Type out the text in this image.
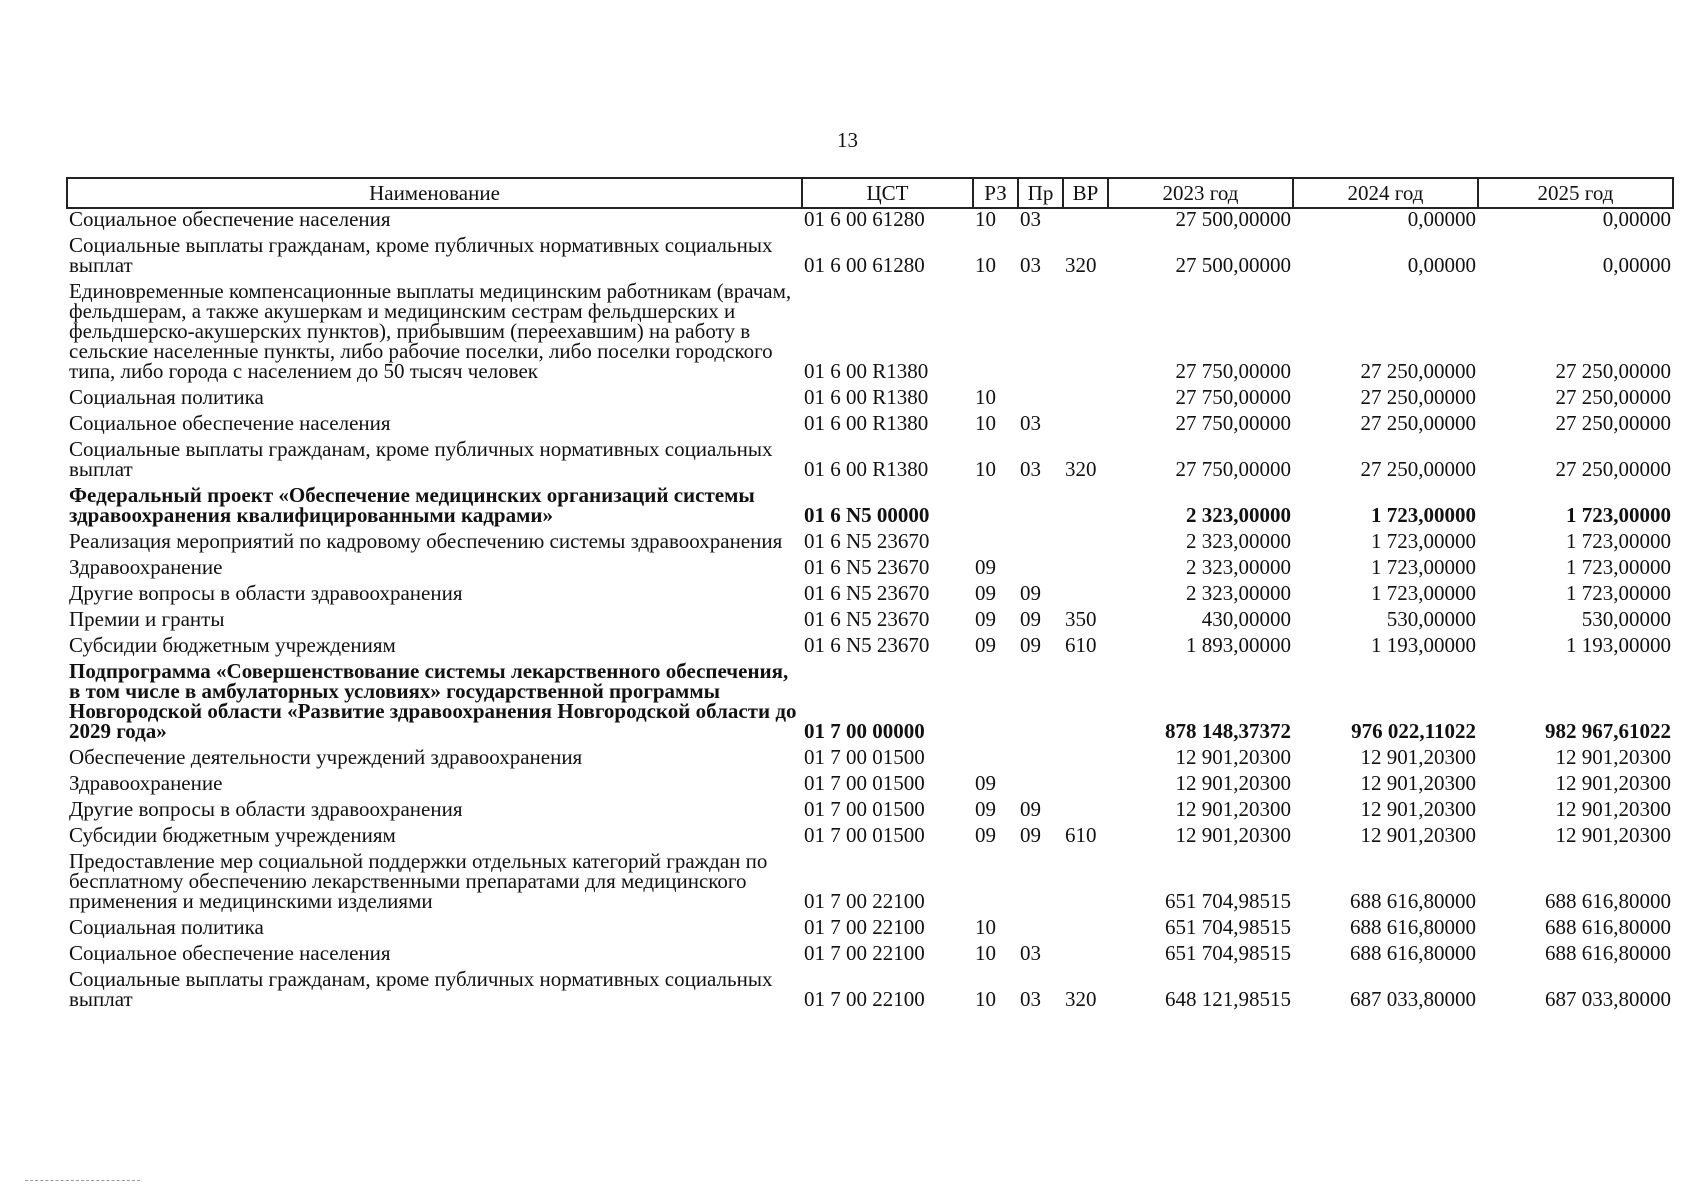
13
Наименование	ЦСТ	РЗ	Пр	ВР	2023 год	2024 год	2025 год
Социальное обеспечение населения	01 6 00 61280	10	03		27 500,00000	0,00000	0,00000
Социальные выплаты гражданам, кроме публичных нормативных социальных выплат	01 6 00 61280	10	03	320	27 500,00000	0,00000	0,00000
Единовременные компенсационные выплаты медицинским работникам (врачам, фельдшерам, а также акушеркам и медицинским сестрам фельдшерских и фельдшерско-акушерских пунктов), прибывшим (переехавшим) на работу в сельские населенные пункты, либо рабочие поселки, либо поселки городского типа, либо города с населением до 50 тысяч человек	01 6 00 R1380				27 750,00000	27 250,00000	27 250,00000
Социальная политика	01 6 00 R1380	10			27 750,00000	27 250,00000	27 250,00000
Социальное обеспечение населения	01 6 00 R1380	10	03		27 750,00000	27 250,00000	27 250,00000
Социальные выплаты гражданам, кроме публичных нормативных социальных выплат	01 6 00 R1380	10	03	320	27 750,00000	27 250,00000	27 250,00000
Федеральный проект «Обеспечение медицинских организаций системы здравоохранения квалифицированными кадрами»	01 6 N5 00000				2 323,00000	1 723,00000	1 723,00000
Реализация мероприятий по кадровому обеспечению системы здравоохранения	01 6 N5 23670				2 323,00000	1 723,00000	1 723,00000
Здравоохранение	01 6 N5 23670	09			2 323,00000	1 723,00000	1 723,00000
Другие вопросы в области здравоохранения	01 6 N5 23670	09	09		2 323,00000	1 723,00000	1 723,00000
Премии и гранты	01 6 N5 23670	09	09	350	430,00000	530,00000	530,00000
Субсидии бюджетным учреждениям	01 6 N5 23670	09	09	610	1 893,00000	1 193,00000	1 193,00000
Подпрограмма «Совершенствование системы лекарственного обеспечения, в том числе в амбулаторных условиях» государственной программы Новгородской области «Развитие здравоохранения Новгородской области до 2029 года»	01 7 00 00000				878 148,37372	976 022,11022	982 967,61022
Обеспечение деятельности учреждений здравоохранения	01 7 00 01500				12 901,20300	12 901,20300	12 901,20300
Здравоохранение	01 7 00 01500	09			12 901,20300	12 901,20300	12 901,20300
Другие вопросы в области здравоохранения	01 7 00 01500	09	09		12 901,20300	12 901,20300	12 901,20300
Субсидии бюджетным учреждениям	01 7 00 01500	09	09	610	12 901,20300	12 901,20300	12 901,20300
Предоставление мер социальной поддержки отдельных категорий граждан по бесплатному обеспечению лекарственными препаратами для медицинского применения и медицинскими изделиями	01 7 00 22100				651 704,98515	688 616,80000	688 616,80000
Социальная политика	01 7 00 22100	10			651 704,98515	688 616,80000	688 616,80000
Социальное обеспечение населения	01 7 00 22100	10	03		651 704,98515	688 616,80000	688 616,80000
Социальные выплаты гражданам, кроме публичных нормативных социальных выплат	01 7 00 22100	10	03	320	648 121,98515	687 033,80000	687 033,80000
